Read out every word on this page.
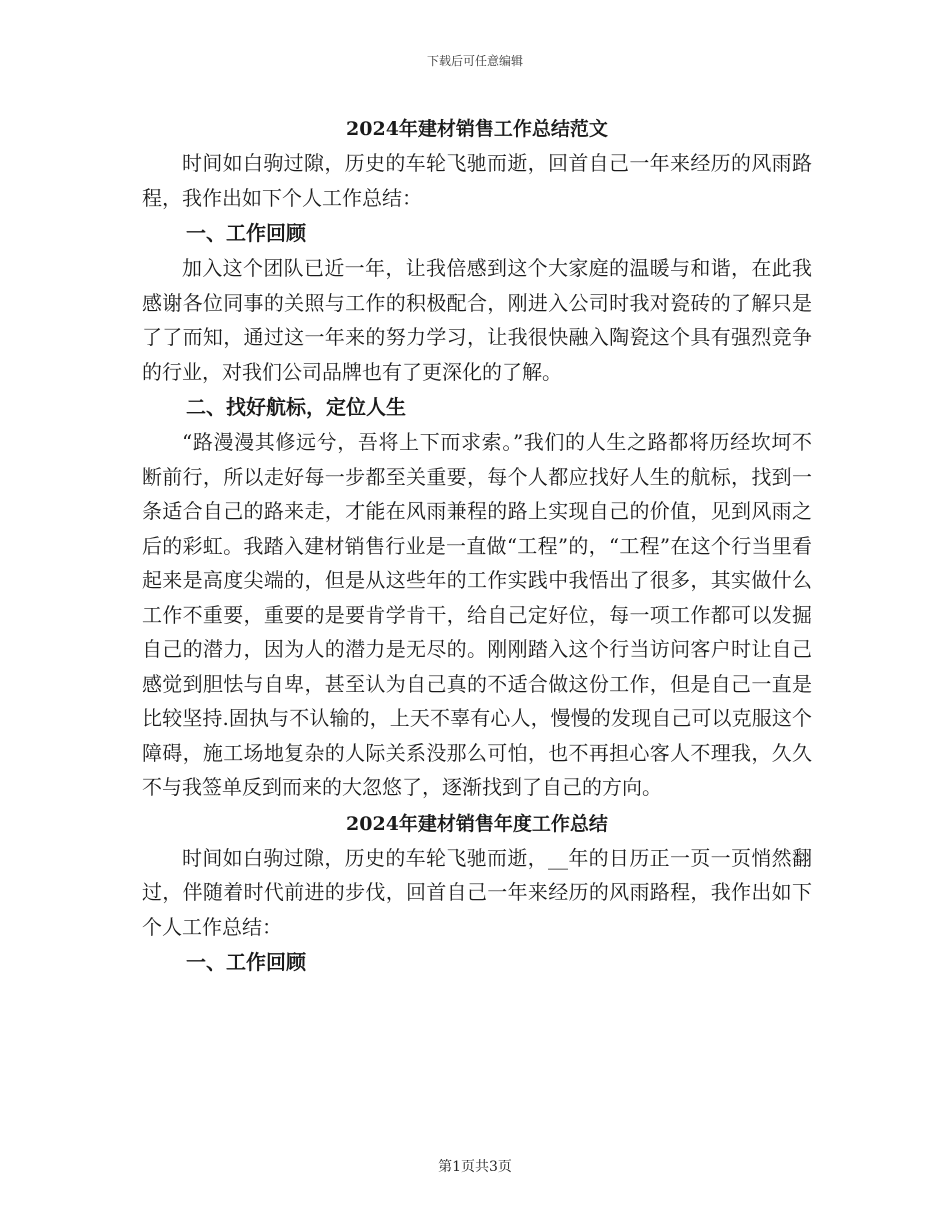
下载后可任意编辑
2024年建材销售工作总结范文

时间如白驹过隙，历史的车轮飞驰而逝，回首自己一年来经历的风雨路程，我作出如下个人工作总结：

一、工作回顾

加入这个团队已近一年，让我倍感到这个大家庭的温暖与和谐，在此我感谢各位同事的关照与工作的积极配合，刚进入公司时我对瓷砖的了解只是了了而知，通过这一年来的努力学习，让我很快融入陶瓷这个具有强烈竞争的行业，对我们公司品牌也有了更深化的了解。

二、找好航标，定位人生

“路漫漫其修远兮，吾将上下而求索。”我们的人生之路都将历经坎坷不断前行，所以走好每一步都至关重要，每个人都应找好人生的航标，找到一条适合自己的路来走，才能在风雨兼程的路上实现自己的价值，见到风雨之后的彩虹。我踏入建材销售行业是一直做“工程”的，“工程”在这个行当里看起来是高度尖端的，但是从这些年的工作实践中我悟出了很多，其实做什么工作不重要，重要的是要肯学肯干，给自己定好位，每一项工作都可以发掘自己的潜力，因为人的潜力是无尽的。刚刚踏入这个行当访问客户时让自己感觉到胆怯与自卑，甚至认为自己真的不适合做这份工作，但是自己一直是比较坚持.固执与不认输的，上天不辜有心人，慢慢的发现自己可以克服这个障碍，施工场地复杂的人际关系没那么可怕，也不再担心客人不理我，久久不与我签单反到而来的大忽悠了，逐渐找到了自己的方向。

2024年建材销售年度工作总结

时间如白驹过隙，历史的车轮飞驰而逝，__年的日历正一页一页悄然翻过，伴随着时代前进的步伐，回首自己一年来经历的风雨路程，我作出如下个人工作总结：

一、工作回顾
第1页共3页
